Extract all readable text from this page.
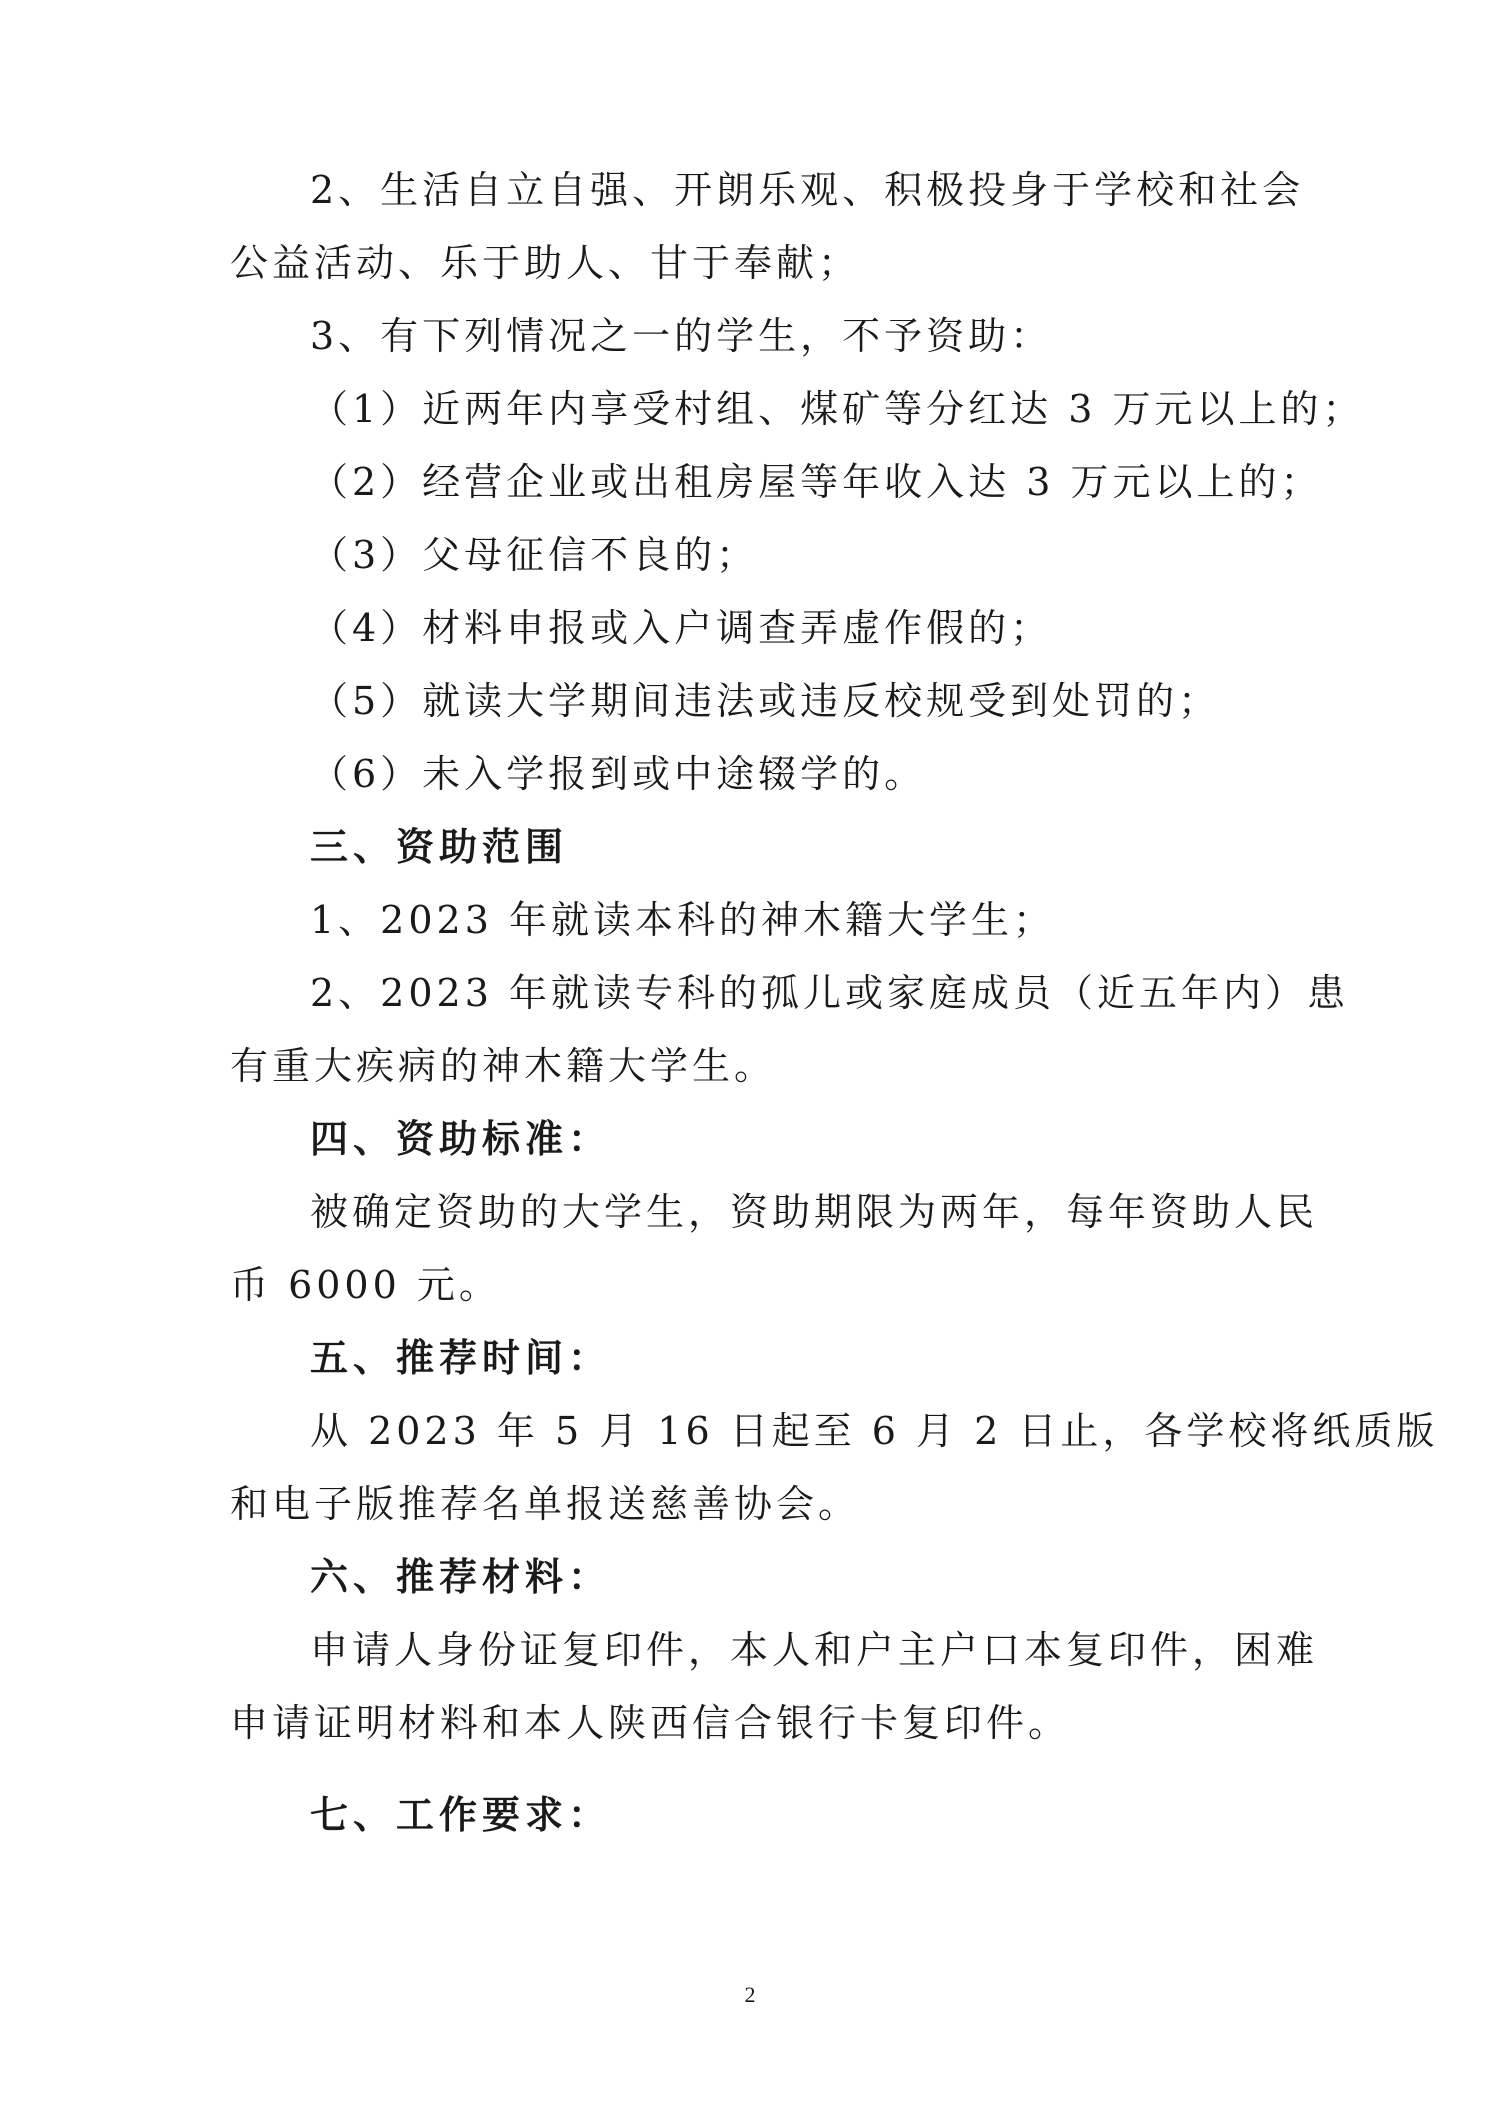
2、生活自立自强、开朗乐观、积极投身于学校和社会
公益活动、乐于助人、甘于奉献；
3、有下列情况之一的学生，不予资助：
（1）近两年内享受村组、煤矿等分红达 3 万元以上的；
（2）经营企业或出租房屋等年收入达 3 万元以上的；
（3）父母征信不良的；
（4）材料申报或入户调查弄虚作假的；
（5）就读大学期间违法或违反校规受到处罚的；
（6）未入学报到或中途辍学的。
三、资助范围
1、2023 年就读本科的神木籍大学生；
2、2023 年就读专科的孤儿或家庭成员（近五年内）患
有重大疾病的神木籍大学生。
四、资助标准：
被确定资助的大学生，资助期限为两年，每年资助人民
币 6000 元。
五、推荐时间：
从 2023 年 5 月 16 日起至 6 月 2 日止，各学校将纸质版
和电子版推荐名单报送慈善协会。
六、推荐材料：
申请人身份证复印件，本人和户主户口本复印件，困难
申请证明材料和本人陕西信合银行卡复印件。
七、工作要求：
2
